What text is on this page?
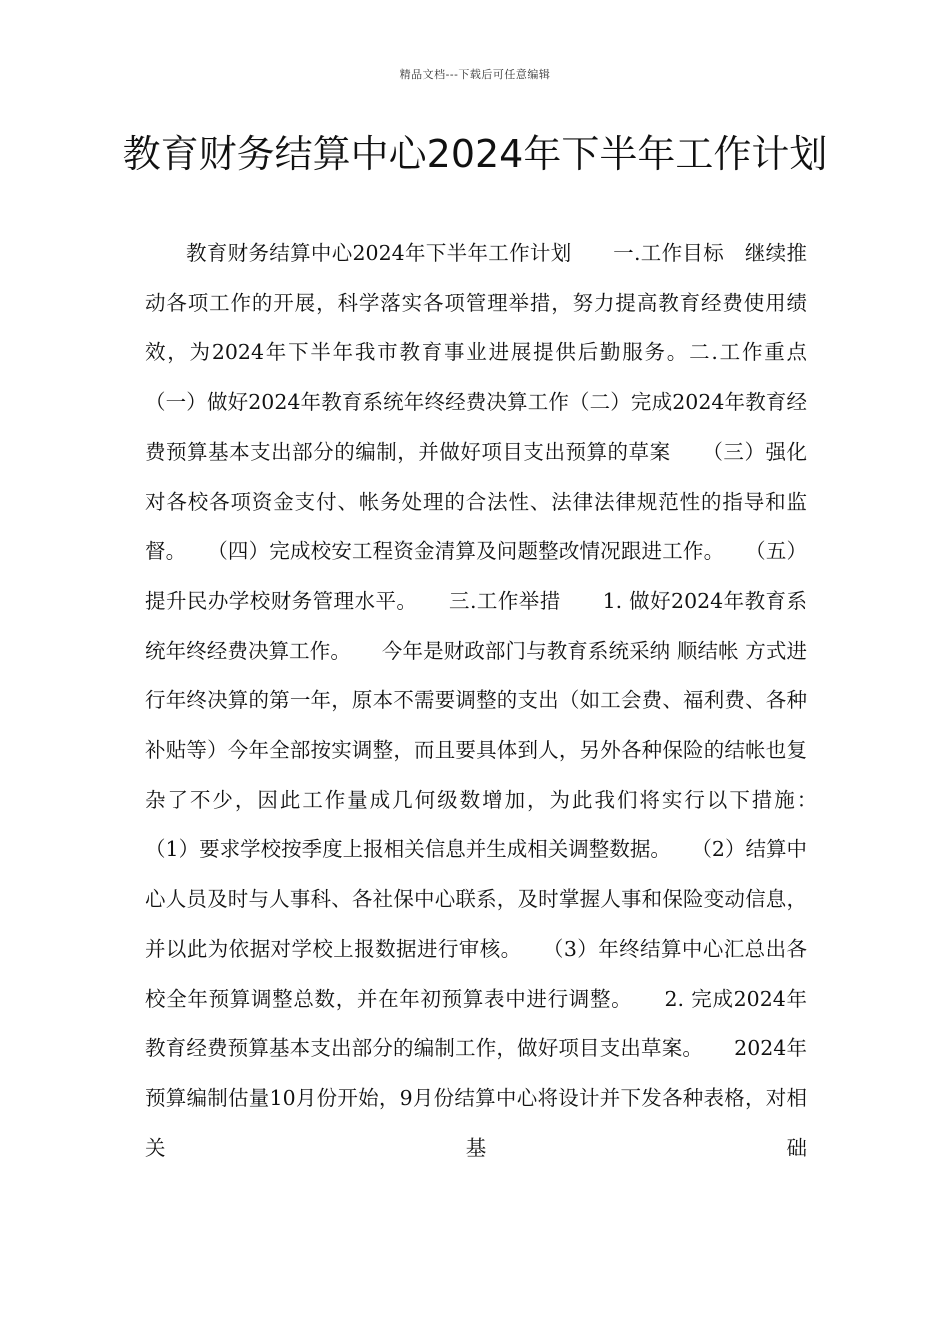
精品文档---下载后可任意编辑
教育财务结算中心2024年下半年工作计划

教育财务结算中心2024年下半年工作计划　　一.工作目标　继续推动各项工作的开展，科学落实各项管理举措，努力提高教育经费使用绩效，为2024年下半年我市教育事业进展提供后勤服务。二.工作重点　　（一）做好2024年教育系统年终经费决算工作（二）完成2024年教育经费预算基本支出部分的编制，并做好项目支出预算的草案　　（三）强化对各校各项资金支付、帐务处理的合法性、法律法律规范性的指导和监督。　　（四）完成校安工程资金清算及问题整改情况跟进工作。　　（五）提升民办学校财务管理水平。　　三.工作举措　　1. 做好2024年教育系统年终经费决算工作。　　今年是财政部门与教育系统采纳 顺结帐 方式进行年终决算的第一年，原本不需要调整的支出（如工会费、福利费、各种补贴等）今年全部按实调整，而且要具体到人，另外各种保险的结帐也复杂了不少，因此工作量成几何级数增加，为此我们将实行以下措施：　　（1）要求学校按季度上报相关信息并生成相关调整数据。　　（2）结算中心人员及时与人事科、各社保中心联系，及时掌握人事和保险变动信息，并以此为依据对学校上报数据进行审核。　　（3）年终结算中心汇总出各校全年预算调整总数，并在年初预算表中进行调整。　　2. 完成2024年教育经费预算基本支出部分的编制工作，做好项目支出草案。　　2024年预算编制估量10月份开始，9月份结算中心将设计并下发各种表格，对相关基础
